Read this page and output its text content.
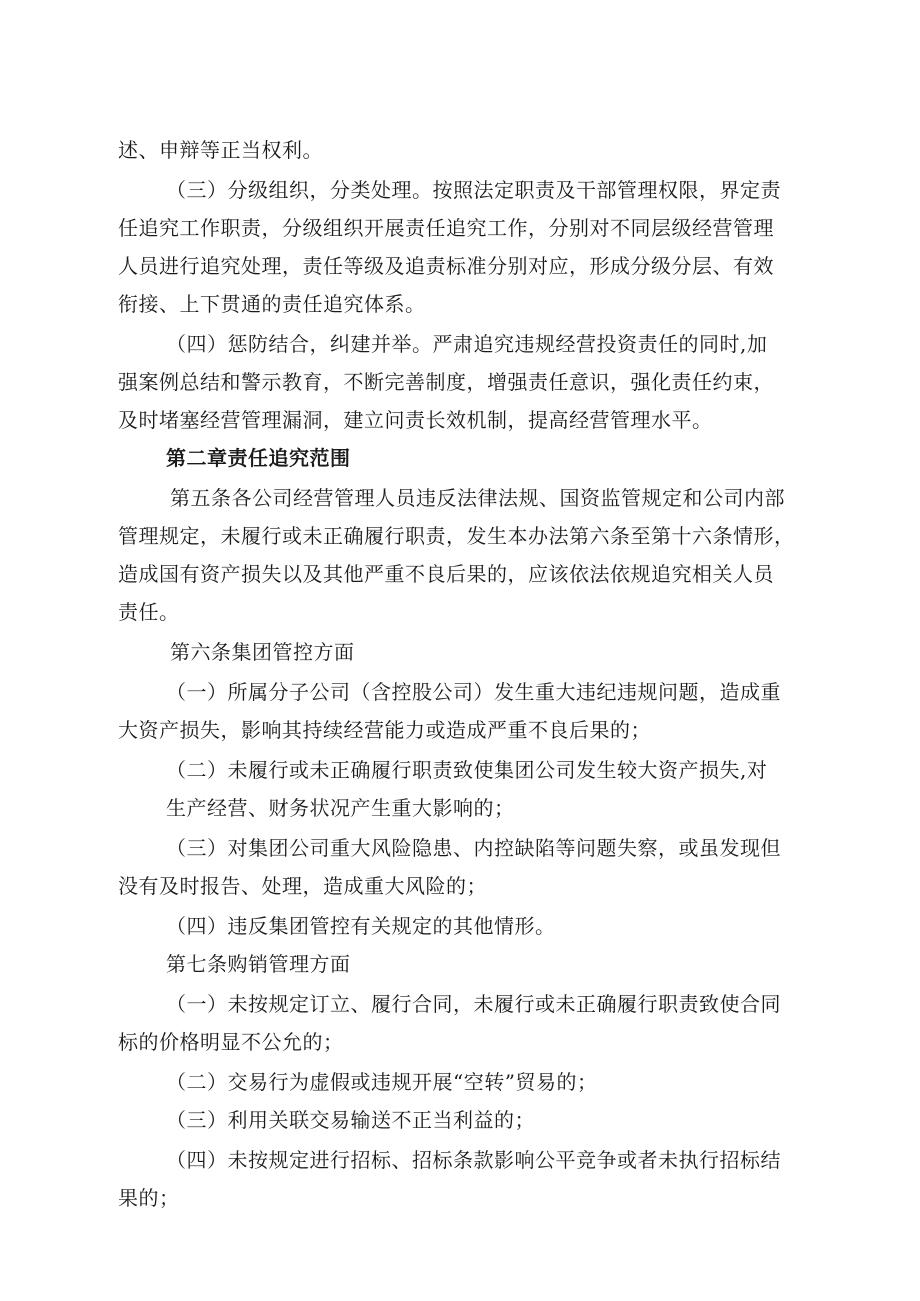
述、申辩等正当权利。

（三）分级组织，分类处理。按照法定职责及干部管理权限，界定责

任追究工作职责，分级组织开展责任追究工作，分别对不同层级经营管理

人员进行追究处理，责任等级及追责标准分别对应，形成分级分层、有效

衔接、上下贯通的责任追究体系。

（四）惩防结合，纠建并举。严肃追究违规经营投资责任的同时,加

强案例总结和警示教育，不断完善制度，增强责任意识，强化责任约束，

及时堵塞经营管理漏洞，建立问责长效机制，提高经营管理水平。

第二章责任追究范围

第五条各公司经营管理人员违反法律法规、国资监管规定和公司内部

管理规定，未履行或未正确履行职责，发生本办法第六条至第十六条情形，

造成国有资产损失以及其他严重不良后果的，应该依法依规追究相关人员

责任。

第六条集团管控方面

（一）所属分子公司（含控股公司）发生重大违纪违规问题，造成重

大资产损失，影响其持续经营能力或造成严重不良后果的；

（二）未履行或未正确履行职责致使集团公司发生较大资产损失,对

生产经营、财务状况产生重大影响的；

（三）对集团公司重大风险隐患、内控缺陷等问题失察，或虽发现但

没有及时报告、处理，造成重大风险的；

（四）违反集团管控有关规定的其他情形。

第七条购销管理方面

（一）未按规定订立、履行合同，未履行或未正确履行职责致使合同

标的价格明显不公允的；

（二）交易行为虚假或违规开展“空转”贸易的；

（三）利用关联交易输送不正当利益的；

（四）未按规定进行招标、招标条款影响公平竞争或者未执行招标结

果的；
